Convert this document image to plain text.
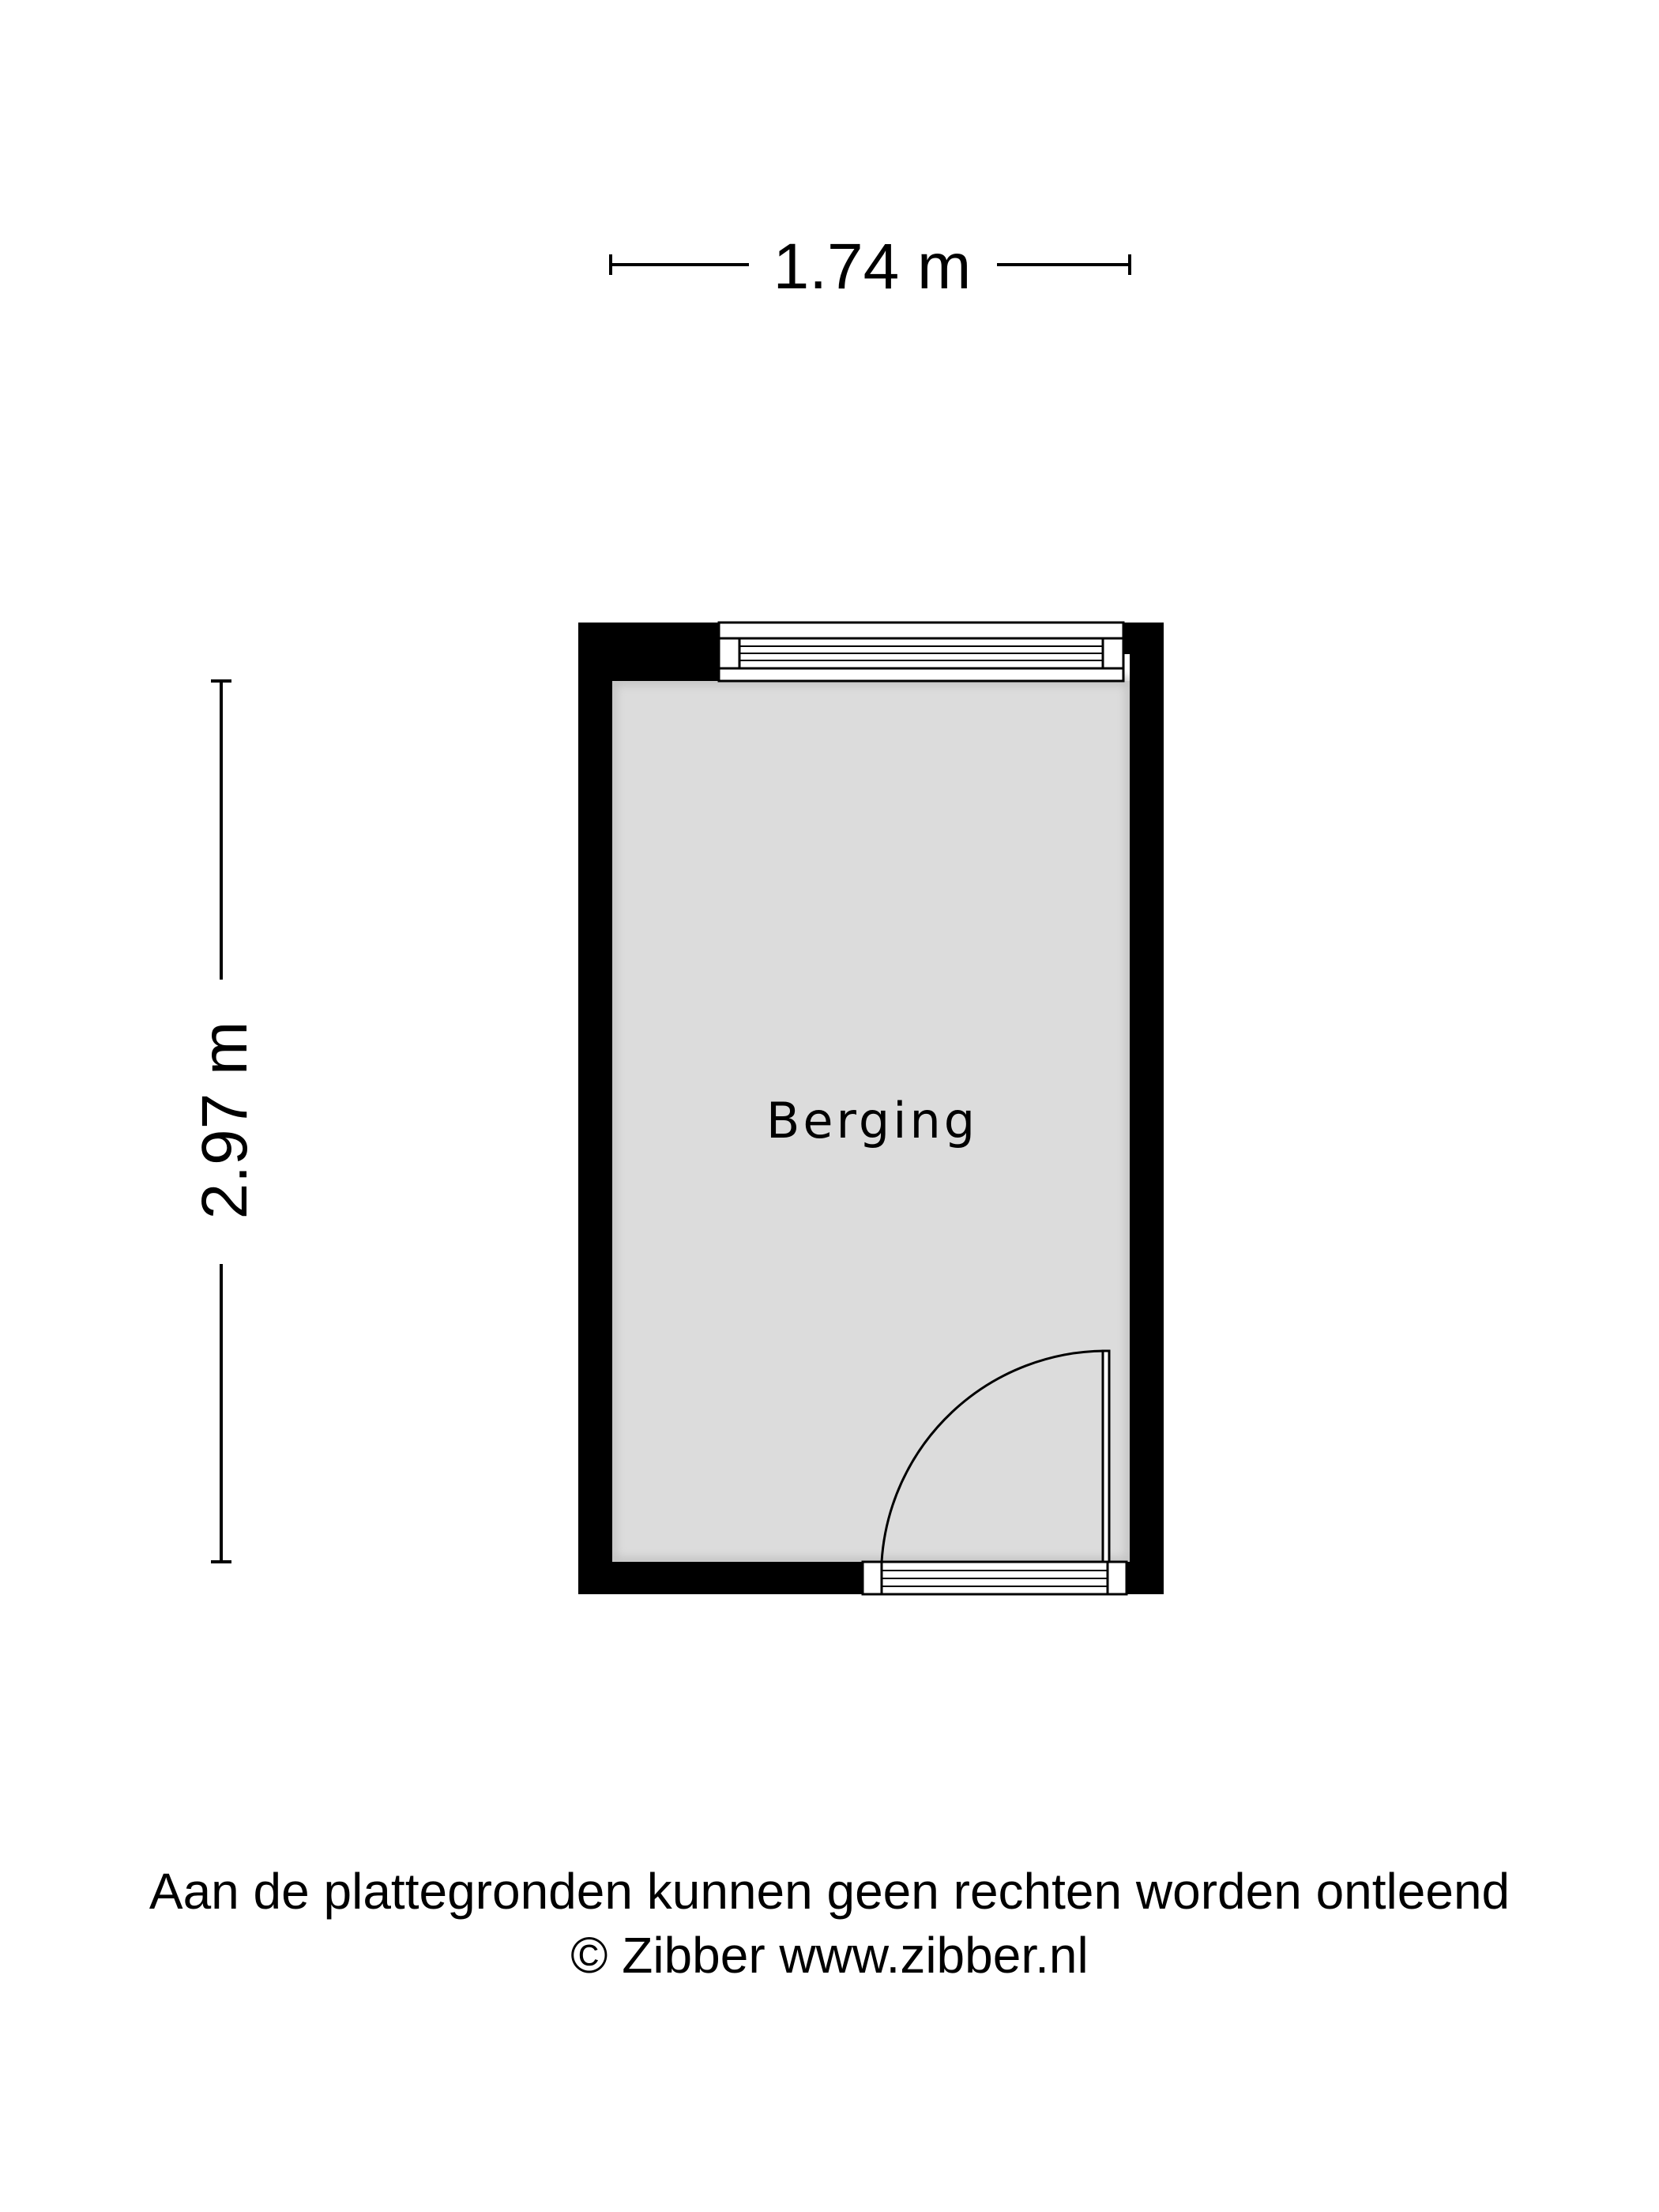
1.74 m
2.97 m	Berging
Aan de plattegronden kunnen geen rechten worden ontleend
© Zibber www.zibber.nl
